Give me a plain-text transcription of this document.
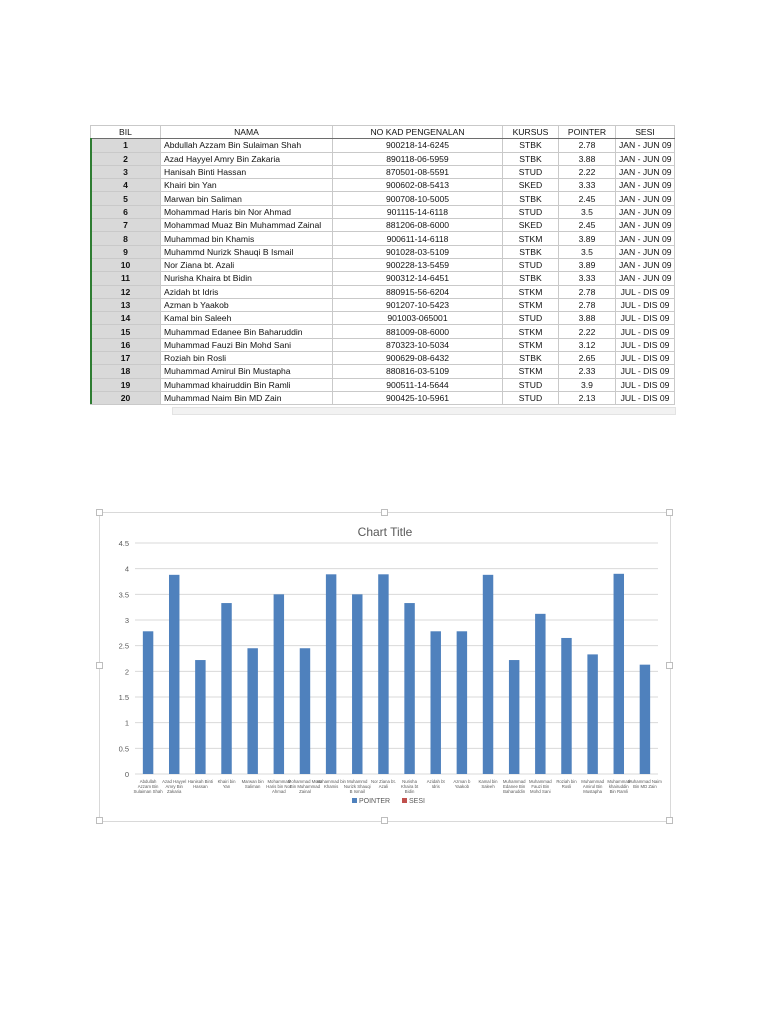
BIL	NAMA	NO KAD PENGENALAN	KURSUS	POINTER	SESI
1	Abdullah Azzam Bin Sulaiman Shah	900218-14-6245	STBK	2.78	JAN - JUN 09
2	Azad Hayyel Amry Bin Zakaria	890118-06-5959	STBK	3.88	JAN - JUN 09
3	Hanisah Binti Hassan	870501-08-5591	STUD	2.22	JAN - JUN 09
4	Khairi bin Yan	900602-08-5413	SKED	3.33	JAN - JUN 09
5	Marwan bin Saliman	900708-10-5005	STBK	2.45	JAN - JUN 09
6	Mohammad Haris bin Nor Ahmad	901115-14-6118	STUD	3.5	JAN - JUN 09
7	Mohammad Muaz Bin Muhammad Zainal	881206-08-6000	SKED	2.45	JAN - JUN 09
8	Muhammad bin Khamis	900611-14-6118	STKM	3.89	JAN - JUN 09
9	Muhammd Nurizk Shauqi B Ismail	901028-03-5109	STBK	3.5	JAN - JUN 09
10	Nor Ziana bt. Azali	900228-13-5459	STUD	3.89	JAN - JUN 09
11	Nurisha Khaira bt Bidin	900312-14-6451	STBK	3.33	JAN - JUN 09
12	Azidah bt Idris	880915-56-6204	STKM	2.78	JUL - DIS 09
13	Azman b Yaakob	901207-10-5423	STKM	2.78	JUL - DIS 09
14	Kamal bin Saleeh	901003-065001	STUD	3.88	JUL - DIS 09
15	Muhammad Edanee Bin Baharuddin	881009-08-6000	STKM	2.22	JUL - DIS 09
16	Muhammad Fauzi Bin Mohd Sani	870323-10-5034	STKM	3.12	JUL - DIS 09
17	Roziah bin Rosli	900629-08-6432	STBK	2.65	JUL - DIS 09
18	Muhammad Amirul Bin Mustapha	880816-03-5109	STKM	2.33	JUL - DIS 09
19	Muhammad khairuddin Bin Ramli	900511-14-5644	STUD	3.9	JUL - DIS 09
20	Muhammad Naim Bin MD Zain	900425-10-5961	STUD	2.13	JUL - DIS 09
Chart Title
0
0.5
1
1.5
2
2.5
3
3.5
4
4.5
Abdullah Azzam Bin Sulaiman Shah
Azad Hayyel Amry Bin Zakaria
Hanisah Binti Hassan
Khairi bin Yan
Marwan bin Saliman
Mohammad Haris bin Nor Ahmad
Mohammad Muaz Bin Muhammad Zainal
Muhammad bin Khamis
Muhammd Nurizk Shauqi B Ismail
Nor Ziana bt. Azali
Nurisha Khaira bt Bidin
Azidah bt Idris
Azman b Yaakob
Kamal bin Saleeh
Muhammad Edanee Bin Baharuddin
Muhammad Fauzi Bin Mohd Sani
Roziah bin Rosli
Muhammad Amirul Bin Mustapha
Muhammad khairuddin Bin Ramli
Muhammad Naim Bin MD Zain
POINTER	SESI
